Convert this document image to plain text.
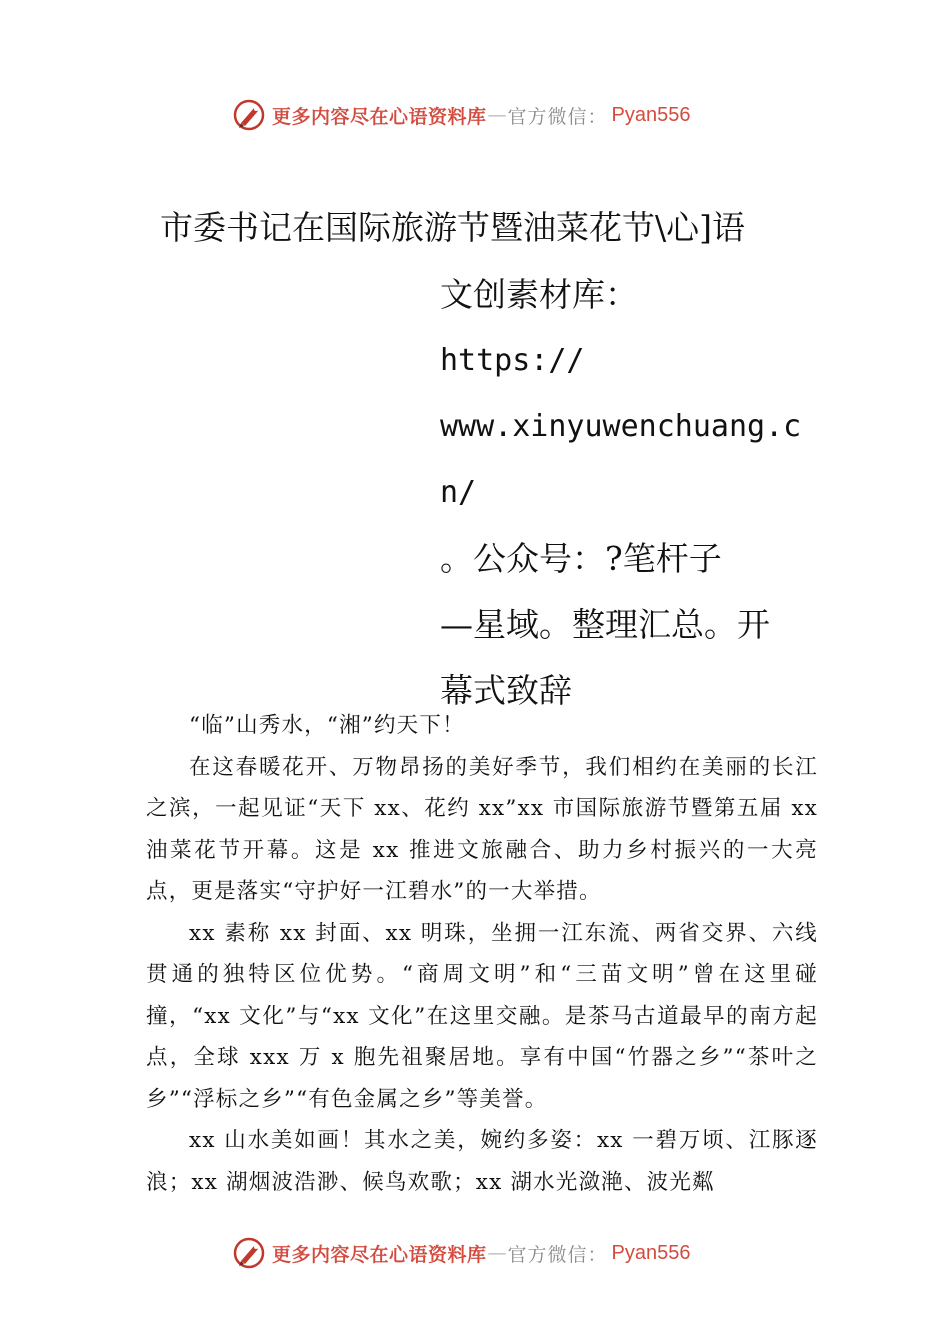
更多内容尽在心语资料库 — 官方微信： Pyan556
市委书记在国际旅游节暨油菜花节\心]语
文创素材库：
https://
www.xinyuwenchuang.c
n/
。公众号：?笔杆子
—星域。整理汇总。开
幕式致辞

“临”山秀水，“湘”约天下！

在这春暖花开、万物昂扬的美好季节，我们相约在美丽的长江之滨，一起见证“天下 xx、花约 xx”xx 市国际旅游节暨第五届 xx 油菜花节开幕。这是 xx 推进文旅融合、助力乡村振兴的一大亮点，更是落实“守护好一江碧水”的一大举措。

xx 素称 xx 封面、xx 明珠，坐拥一江东流、两省交界、六线贯通的独特区位优势。“商周文明”和“三苗文明”曾在这里碰撞，“xx 文化”与“xx 文化”在这里交融。是茶马古道最早的南方起点，全球 xxx 万 x 胞先祖聚居地。享有中国“竹器之乡”“茶叶之乡”“浮标之乡”“有色金属之乡”等美誉。

xx 山水美如画！其水之美，婉约多姿：xx 一碧万顷、江豚逐浪；xx 湖烟波浩渺、候鸟欢歌；xx 湖水光潋滟、波光粼

更多内容尽在心语资料库 — 官方微信： Pyan556
